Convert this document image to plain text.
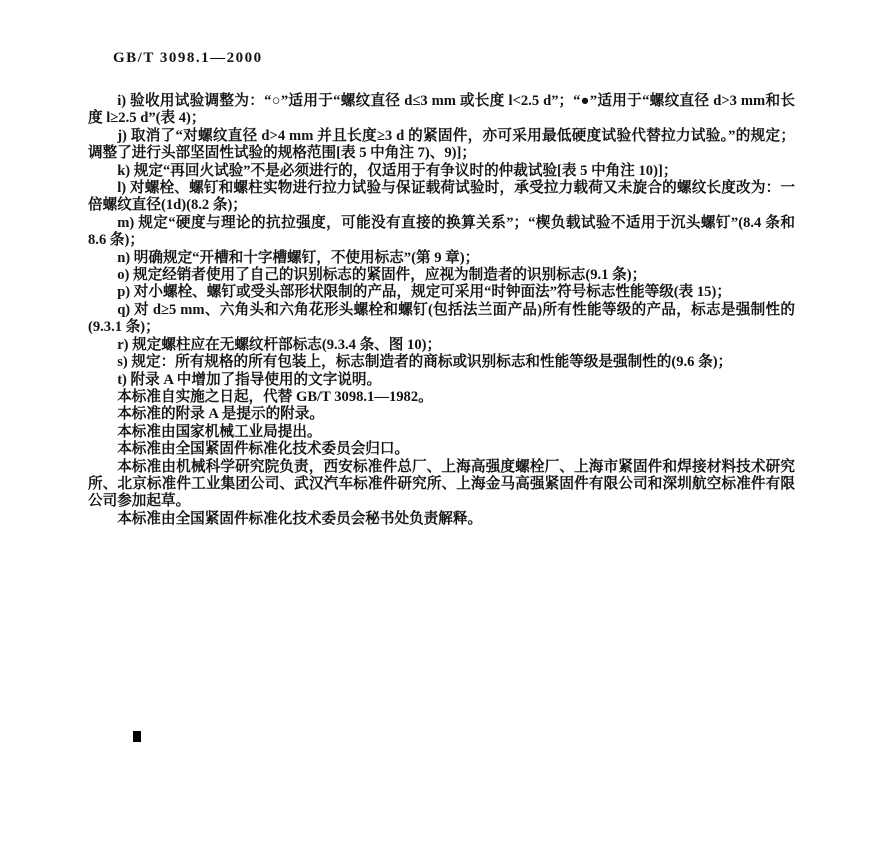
GB/T 3098.1—2000

i) 验收用试验调整为：“○”适用于“螺纹直径 d≤3 mm 或长度 l<2.5 d”；“●”适用于“螺纹直径 d>3 mm和长度 l≥2.5 d”(表 4)；

j) 取消了“对螺纹直径 d>4 mm 并且长度≥3 d 的紧固件，亦可采用最低硬度试验代替拉力试验。”的规定；调整了进行头部坚固性试验的规格范围[表 5 中角注 7)、9)]；

k) 规定“再回火试验”不是必须进行的，仅适用于有争议时的仲裁试验[表 5 中角注 10)]；

l) 对螺栓、螺钉和螺柱实物进行拉力试验与保证载荷试验时，承受拉力载荷又未旋合的螺纹长度改为：一倍螺纹直径(1d)(8.2 条)；

m) 规定“硬度与理论的抗拉强度，可能没有直接的换算关系”；“楔负载试验不适用于沉头螺钉”(8.4 条和 8.6 条)；

n) 明确规定“开槽和十字槽螺钉，不使用标志”(第 9 章)；

o) 规定经销者使用了自己的识别标志的紧固件，应视为制造者的识别标志(9.1 条)；

p) 对小螺栓、螺钉或受头部形状限制的产品，规定可采用“时钟面法”符号标志性能等级(表 15)；

q) 对 d≥5 mm、六角头和六角花形头螺栓和螺钉(包括法兰面产品)所有性能等级的产品，标志是强制性的(9.3.1 条)；

r) 规定螺柱应在无螺纹杆部标志(9.3.4 条、图 10)；

s) 规定：所有规格的所有包装上，标志制造者的商标或识别标志和性能等级是强制性的(9.6 条)；

t) 附录 A 中增加了指导使用的文字说明。

本标准自实施之日起，代替 GB/T 3098.1—1982。

本标准的附录 A 是提示的附录。

本标准由国家机械工业局提出。

本标准由全国紧固件标准化技术委员会归口。

本标准由机械科学研究院负责，西安标准件总厂、上海高强度螺栓厂、上海市紧固件和焊接材料技术研究所、北京标准件工业集团公司、武汉汽车标准件研究所、上海金马高强紧固件有限公司和深圳航空标准件有限公司参加起草。

本标准由全国紧固件标准化技术委员会秘书处负责解释。
